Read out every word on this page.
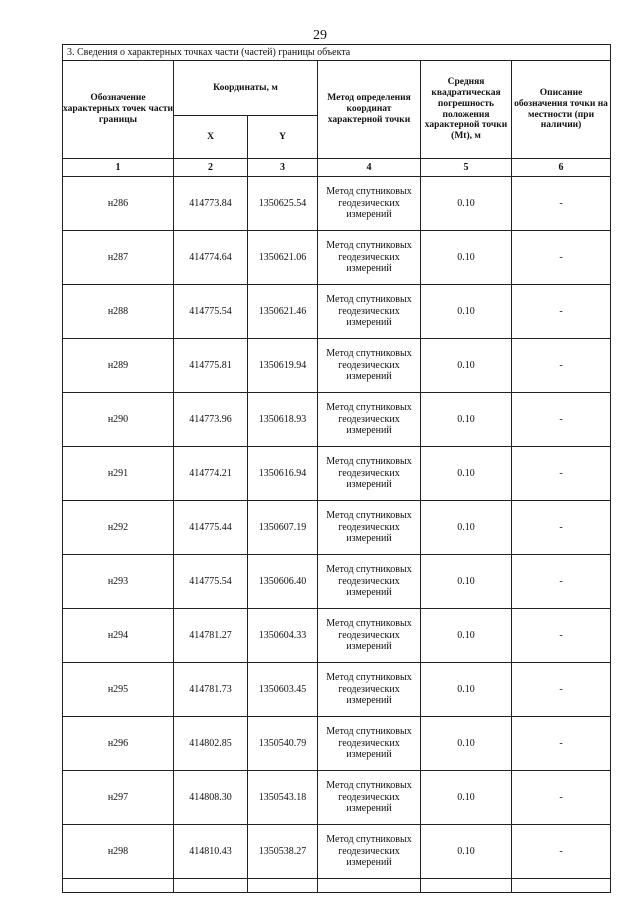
29
3. Сведения о характерных точках части (частей) границы объекта					
Обозначение характерных точек части границы	Координаты, м		Метод определения координат характерной точки	Средняя квадратическая погрешность положения характерной точки (Mt), м	Описание обозначения точки на местности (при наличии)
	X	Y			
1	2	3	4	5	6
н286	414773.84	1350625.54	Метод спутниковых геодезических измерений	0.10	-
н287	414774.64	1350621.06	Метод спутниковых геодезических измерений	0.10	-
н288	414775.54	1350621.46	Метод спутниковых геодезических измерений	0.10	-
н289	414775.81	1350619.94	Метод спутниковых геодезических измерений	0.10	-
н290	414773.96	1350618.93	Метод спутниковых геодезических измерений	0.10	-
н291	414774.21	1350616.94	Метод спутниковых геодезических измерений	0.10	-
н292	414775.44	1350607.19	Метод спутниковых геодезических измерений	0.10	-
н293	414775.54	1350606.40	Метод спутниковых геодезических измерений	0.10	-
н294	414781.27	1350604.33	Метод спутниковых геодезических измерений	0.10	-
н295	414781.73	1350603.45	Метод спутниковых геодезических измерений	0.10	-
н296	414802.85	1350540.79	Метод спутниковых геодезических измерений	0.10	-
н297	414808.30	1350543.18	Метод спутниковых геодезических измерений	0.10	-
н298	414810.43	1350538.27	Метод спутниковых геодезических измерений	0.10	-
